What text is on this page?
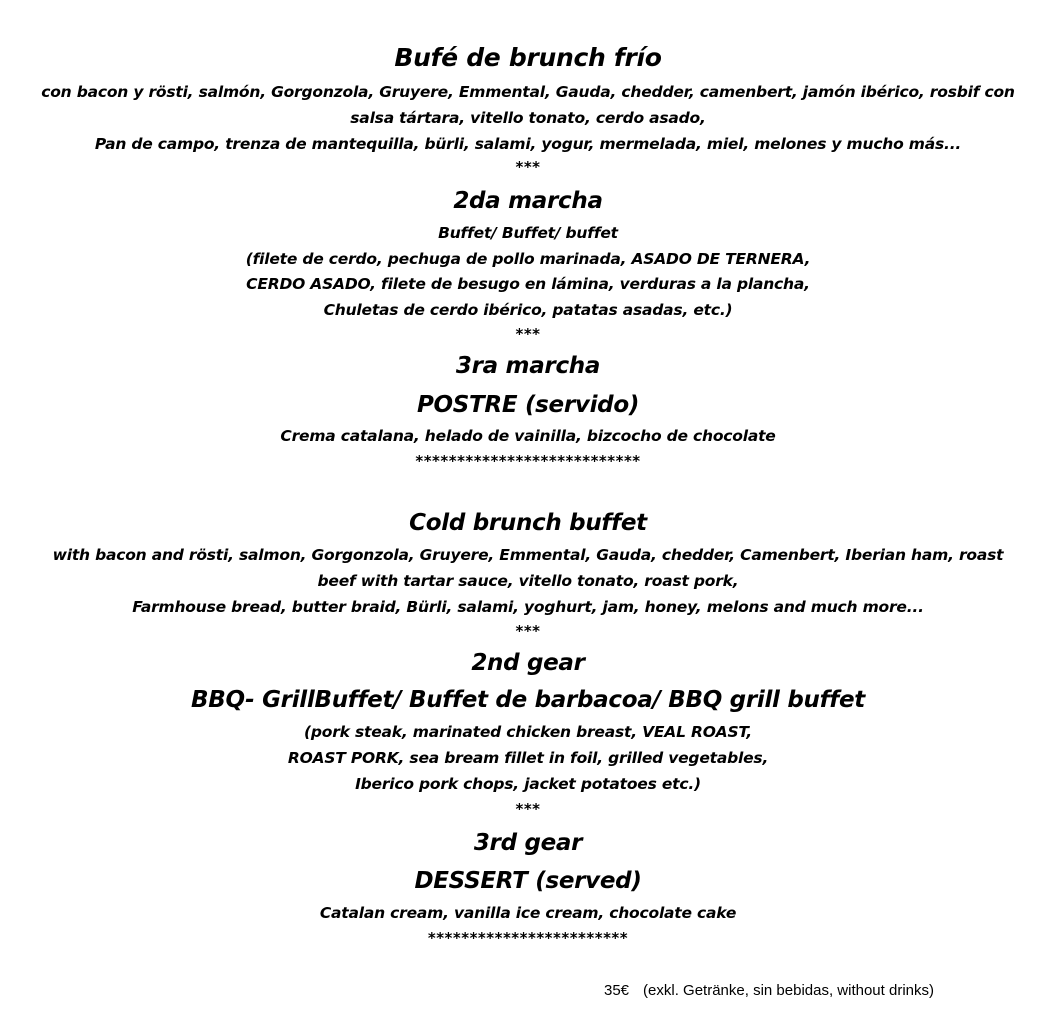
Bufé de brunch frío
con bacon y rösti, salmón, Gorgonzola, Gruyere, Emmental, Gauda, chedder, camenbert, jamón ibérico, rosbif con
salsa tártara, vitello tonato, cerdo asado,
Pan de campo, trenza de mantequilla, bürli, salami, yogur, mermelada, miel, melones y mucho más...
***
2da marcha
Buffet/ Buffet/ buffet
(filete de cerdo, pechuga de pollo marinada, ASADO DE TERNERA,
CERDO ASADO, filete de besugo en lámina, verduras a la plancha,
Chuletas de cerdo ibérico, patatas asadas, etc.)
***
3ra marcha
POSTRE (servido)
Crema catalana, helado de vainilla, bizcocho de chocolate
***************************
Cold brunch buffet
with bacon and rösti, salmon, Gorgonzola, Gruyere, Emmental, Gauda, chedder, Camenbert, Iberian ham, roast
beef with tartar sauce, vitello tonato, roast pork,
Farmhouse bread, butter braid, Bürli, salami, yoghurt, jam, honey, melons and much more...
***
2nd gear
BBQ- GrillBuffet/ Buffet de barbacoa/ BBQ grill buffet
(pork steak, marinated chicken breast, VEAL ROAST,
ROAST PORK, sea bream fillet in foil, grilled vegetables,
Iberico pork chops, jacket potatoes etc.)
***
3rd gear
DESSERT (served)
Catalan cream, vanilla ice cream, chocolate cake
************************
35€ (exkl. Getränke, sin bebidas, without drinks)
